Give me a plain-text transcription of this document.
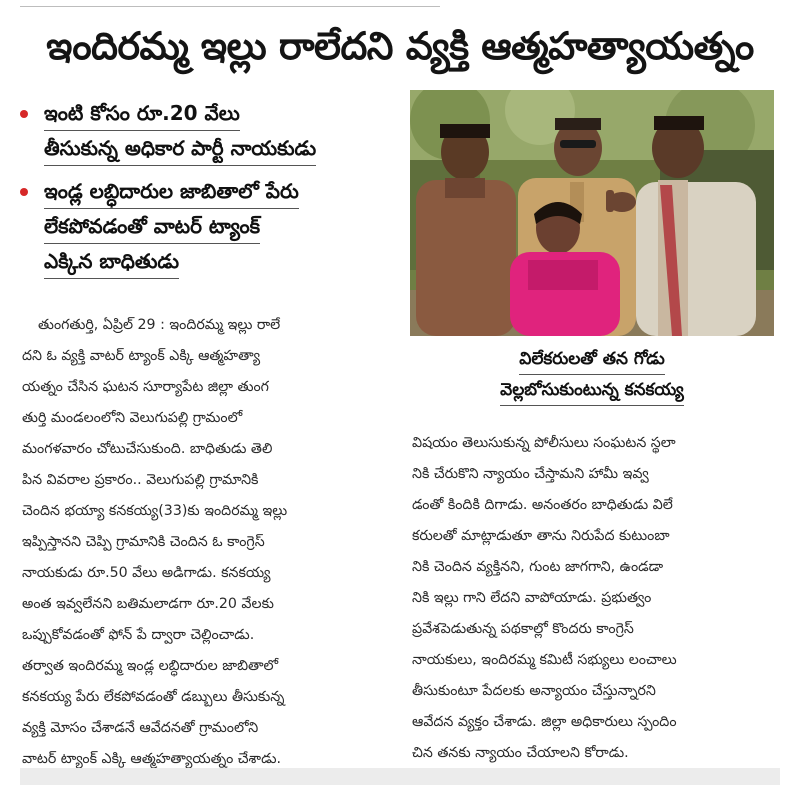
ఇందిరమ్మ ఇల్లు రాలేదని వ్యక్తి ఆత్మహత్యాయత్నం
ఇంటి కోసం రూ.20 వేలు
తీసుకున్న అధికార పార్టీ నాయకుడు
ఇండ్ల లబ్ధిదారుల జాబితాలో పేరు
లేకపోవడంతో వాటర్ ట్యాంక్
ఎక్కిన బాధితుడు
విలేకరులతో తన గోడు
వెల్లబోసుకుంటున్న కనకయ్య
తుంగతుర్తి, ఏప్రిల్ 29 : ఇందిరమ్మ ఇల్లు రాలే
దని ఓ వ్యక్తి వాటర్ ట్యాంక్ ఎక్కి ఆత్మహత్యా
యత్నం చేసిన ఘటన సూర్యాపేట జిల్లా తుంగ
తుర్తి మండలంలోని వెలుగుపల్లి గ్రామంలో
మంగళవారం చోటుచేసుకుంది. బాధితుడు తెలి
పిన వివరాల ప్రకారం.. వెలుగుపల్లి గ్రామానికి
చెందిన భయ్యా కనకయ్య(33)కు ఇందిరమ్మ ఇల్లు
ఇప్పిస్తానని చెప్పి గ్రామానికి చెందిన ఓ కాంగ్రెస్
నాయకుడు రూ.50 వేలు అడిగాడు. కనకయ్య
అంత ఇవ్వలేనని బతిమలాడగా రూ.20 వేలకు
ఒప్పుకోవడంతో ఫోన్ పే ద్వారా చెల్లించాడు.
తర్వాత ఇందిరమ్మ ఇండ్ల లబ్ధిదారుల జాబితాలో
కనకయ్య పేరు లేకపోవడంతో డబ్బులు తీసుకున్న
వ్యక్తి మోసం చేశాడనే ఆవేదనతో గ్రామంలోని
వాటర్ ట్యాంక్ ఎక్కి ఆత్మహత్యాయత్నం చేశాడు.
విషయం తెలుసుకున్న పోలీసులు సంఘటన స్థలా
నికి చేరుకొని న్యాయం చేస్తామని హామీ ఇవ్వ
డంతో కిందికి దిగాడు. అనంతరం బాధితుడు విలే
కరులతో మాట్లాడుతూ తాను నిరుపేద కుటుంబా
నికి చెందిన వ్యక్తినని, గుంట జాగగాని, ఉండడా
నికి ఇల్లు గాని లేదని వాపోయాడు. ప్రభుత్వం
ప్రవేశపెడుతున్న పథకాల్లో కొందరు కాంగ్రెస్
నాయకులు, ఇందిరమ్మ కమిటీ సభ్యులు లంచాలు
తీసుకుంటూ పేదలకు అన్యాయం చేస్తున్నారని
ఆవేదన వ్యక్తం చేశాడు. జిల్లా అధికారులు స్పందిం
చిన తనకు న్యాయం చేయాలని కోరాడు.
